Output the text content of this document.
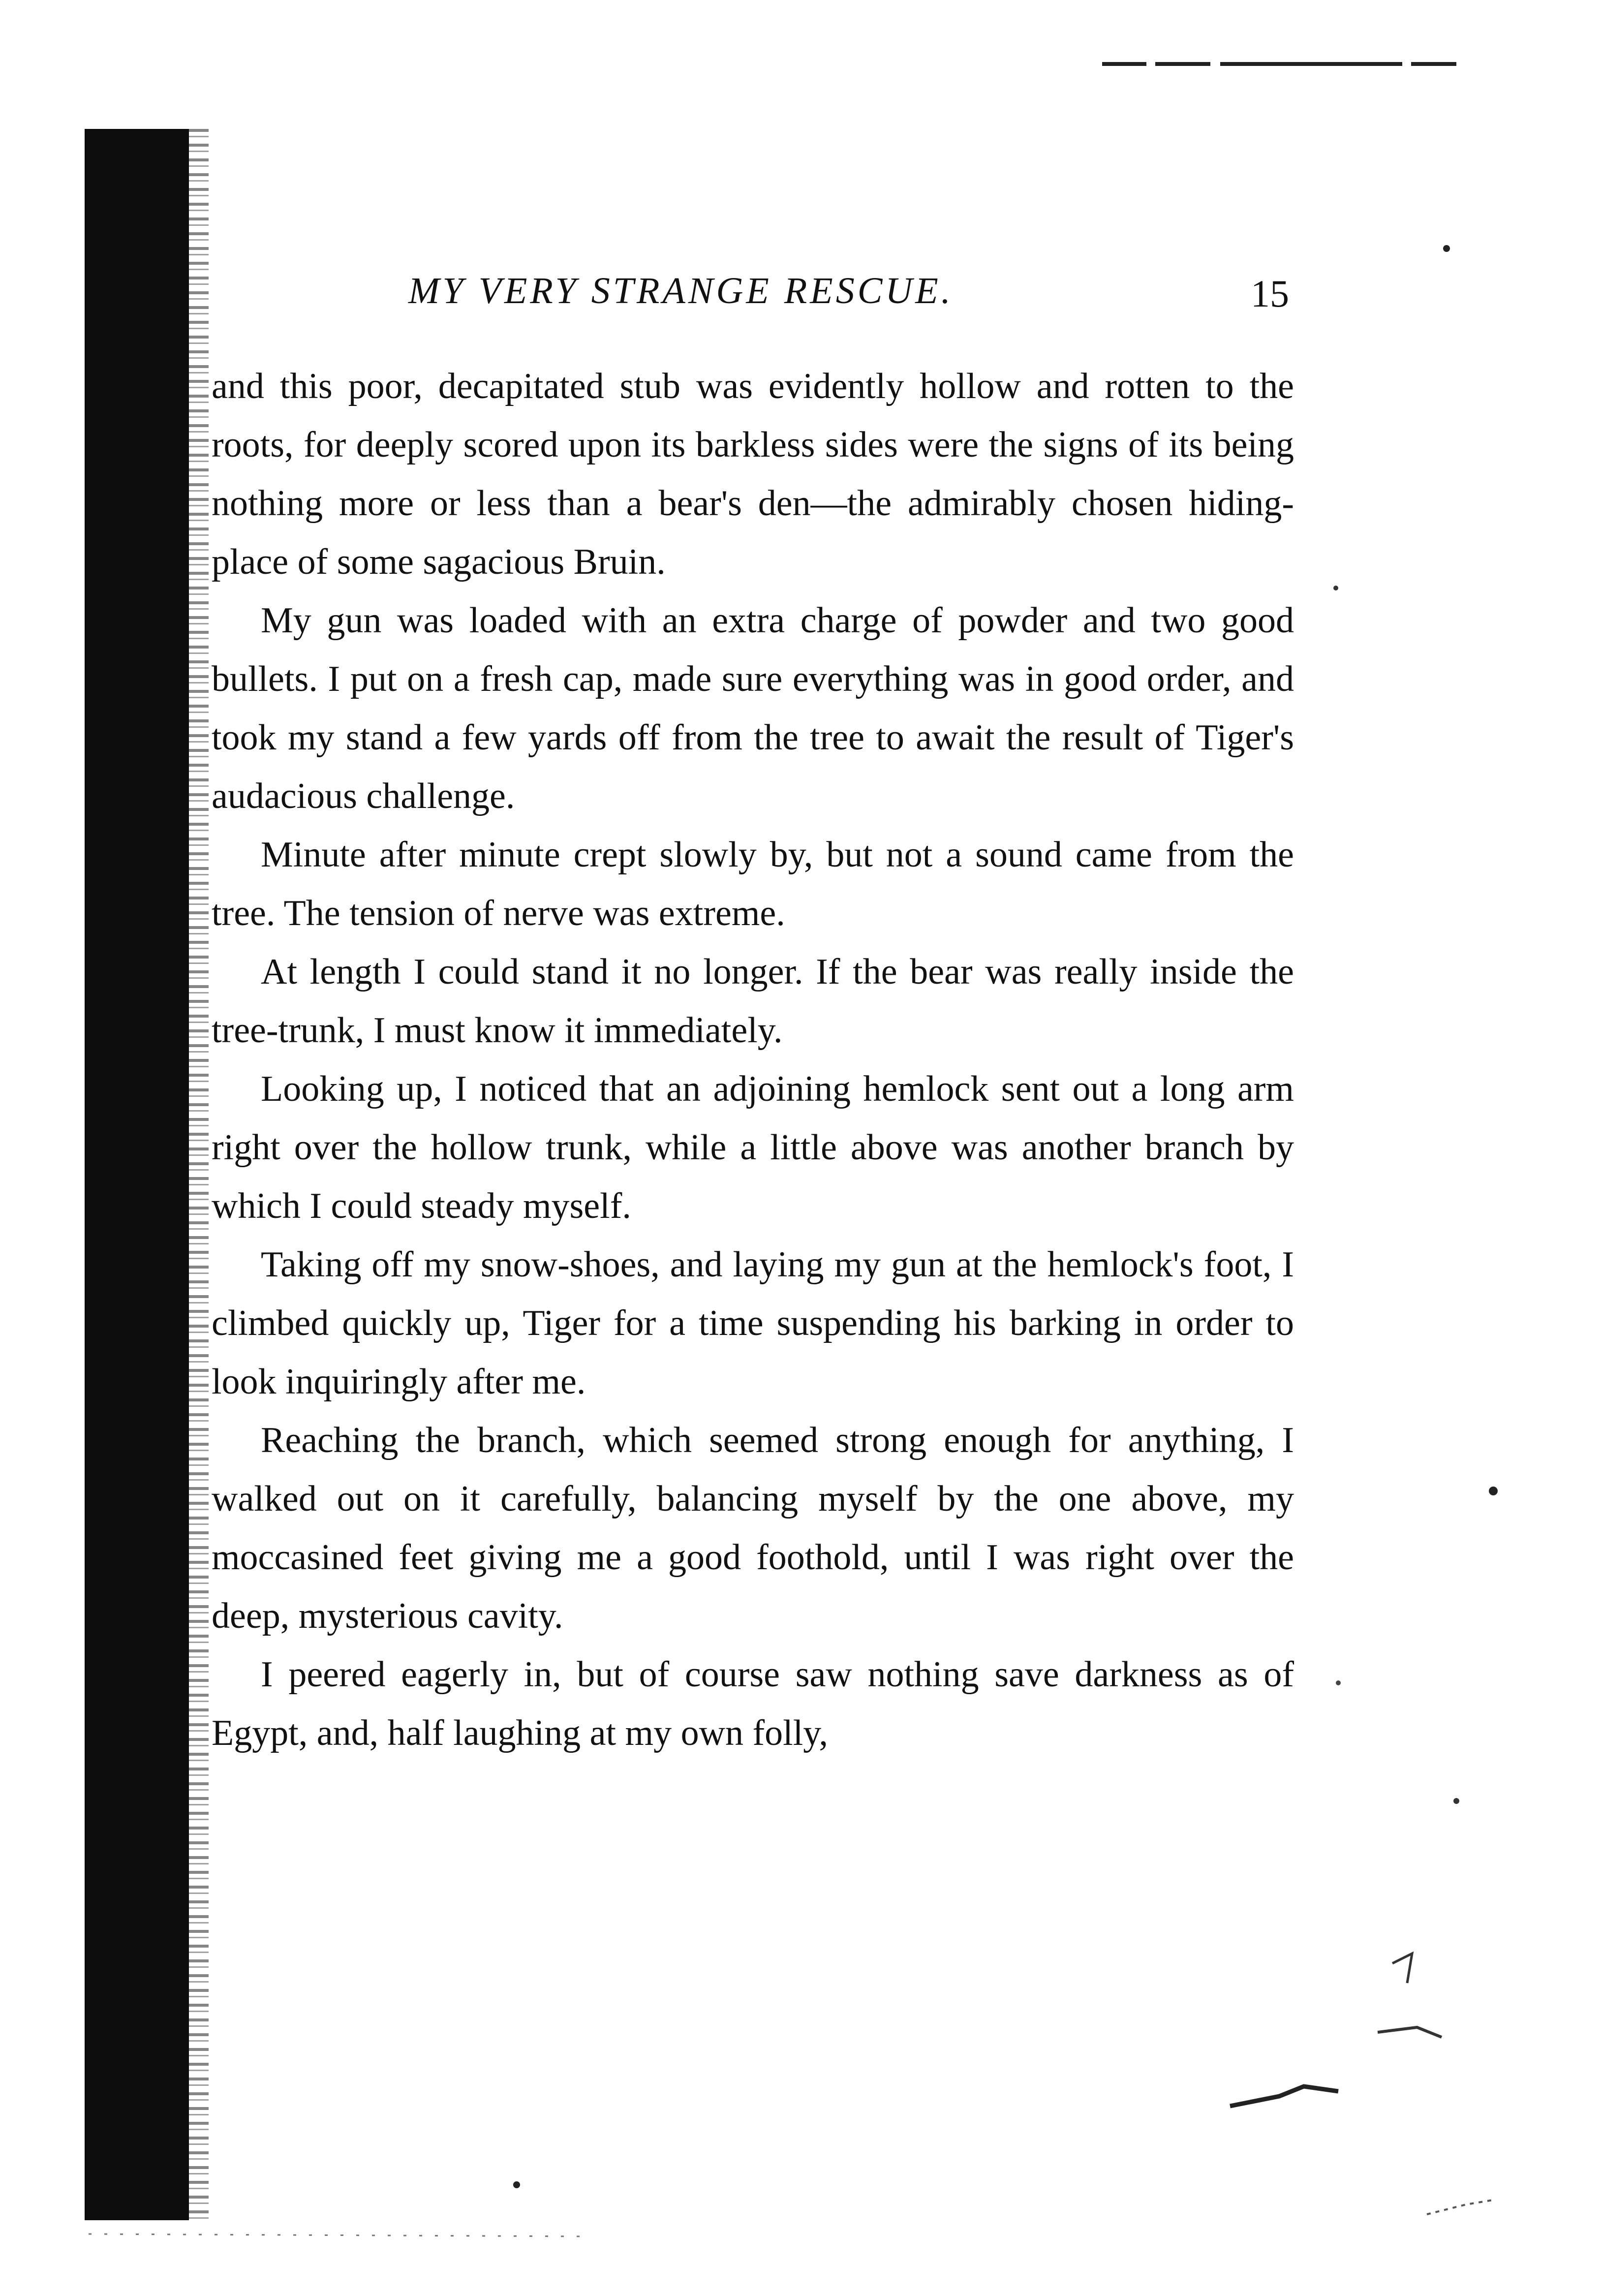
MY VERY STRANGE RESCUE.	15

and this poor, decapitated stub was evidently hollow and rotten to the roots, for deeply scored upon its barkless sides were the signs of its being nothing more or less than a bear's den—the admirably chosen hiding-place of some sagacious Bruin.

My gun was loaded with an extra charge of powder and two good bullets. I put on a fresh cap, made sure everything was in good order, and took my stand a few yards off from the tree to await the result of Tiger's audacious challenge.

Minute after minute crept slowly by, but not a sound came from the tree. The tension of nerve was extreme.

At length I could stand it no longer. If the bear was really inside the tree-trunk, I must know it immediately.

Looking up, I noticed that an adjoining hemlock sent out a long arm right over the hollow trunk, while a little above was another branch by which I could steady myself.

Taking off my snow-shoes, and laying my gun at the hemlock's foot, I climbed quickly up, Tiger for a time suspending his barking in order to look inquiringly after me.

Reaching the branch, which seemed strong enough for anything, I walked out on it carefully, balancing myself by the one above, my moccasined feet giving me a good foothold, until I was right over the deep, mysterious cavity.

I peered eagerly in, but of course saw nothing save darkness as of Egypt, and, half laughing at my own folly,
